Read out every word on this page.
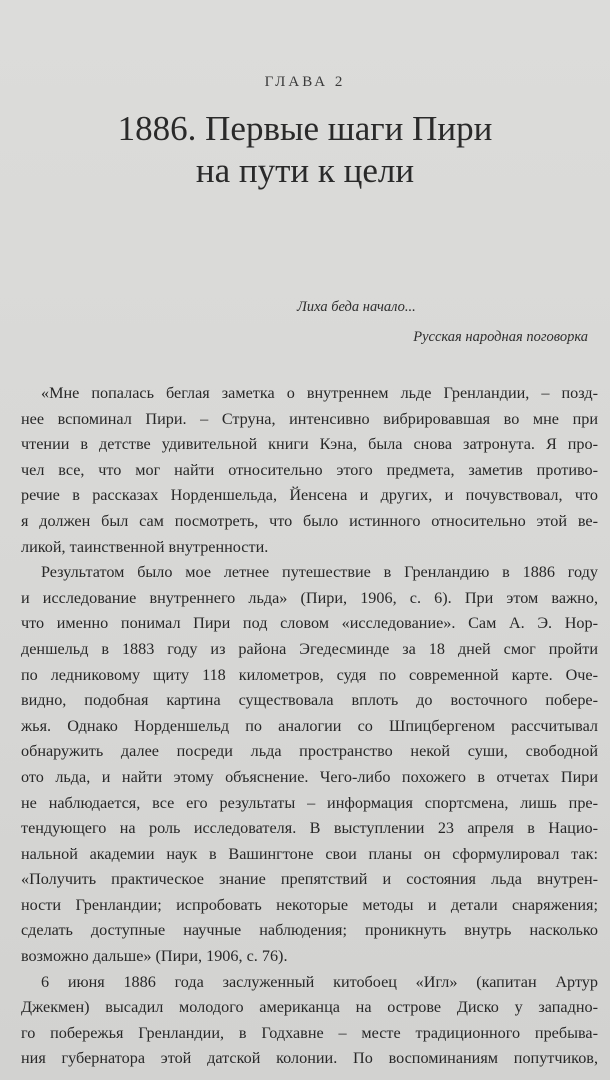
ГЛАВА 2
1886. Первые шаги Пири
на пути к цели
Лиха беда начало...
Русская народная поговорка
«Мне попалась беглая заметка о внутреннем льде Гренландии, – позд-
нее вспоминал Пири. – Струна, интенсивно вибрировавшая во мне при
чтении в детстве удивительной книги Кэна, была снова затронута. Я про-
чел все, что мог найти относительно этого предмета, заметив противо-
речие в рассказах Норденшельда, Йенсена и других, и почувствовал, что
я должен был сам посмотреть, что было истинного относительно этой ве-
ликой, таинственной внутренности.
Результатом было мое летнее путешествие в Гренландию в 1886 году
и исследование внутреннего льда» (Пири, 1906, с. 6). При этом важно,
что именно понимал Пири под словом «исследование». Сам А. Э. Нор-
деншельд в 1883 году из района Эгедесминде за 18 дней смог пройти
по ледниковому щиту 118 километров, судя по современной карте. Оче-
видно, подобная картина существовала вплоть до восточного побере-
жья. Однако Норденшельд по аналогии со Шпицбергеном рассчитывал
обнаружить далее посреди льда пространство некой суши, свободной
ото льда, и найти этому объяснение. Чего-либо похожего в отчетах Пири
не наблюдается, все его результаты – информация спортсмена, лишь пре-
тендующего на роль исследователя. В выступлении 23 апреля в Нацио-
нальной академии наук в Вашингтоне свои планы он сформулировал так:
«Получить практическое знание препятствий и состояния льда внутрен-
ности Гренландии; испробовать некоторые методы и детали снаряжения;
сделать доступные научные наблюдения; проникнуть внутрь насколько
возможно дальше» (Пири, 1906, с. 76).
6 июня 1886 года заслуженный китобоец «Игл» (капитан Артур
Джекмен) высадил молодого американца на острове Диско у западно-
го побережья Гренландии, в Годхавне – месте традиционного пребыва-
ния губернатора этой датской колонии. По воспоминаниям попутчиков,
